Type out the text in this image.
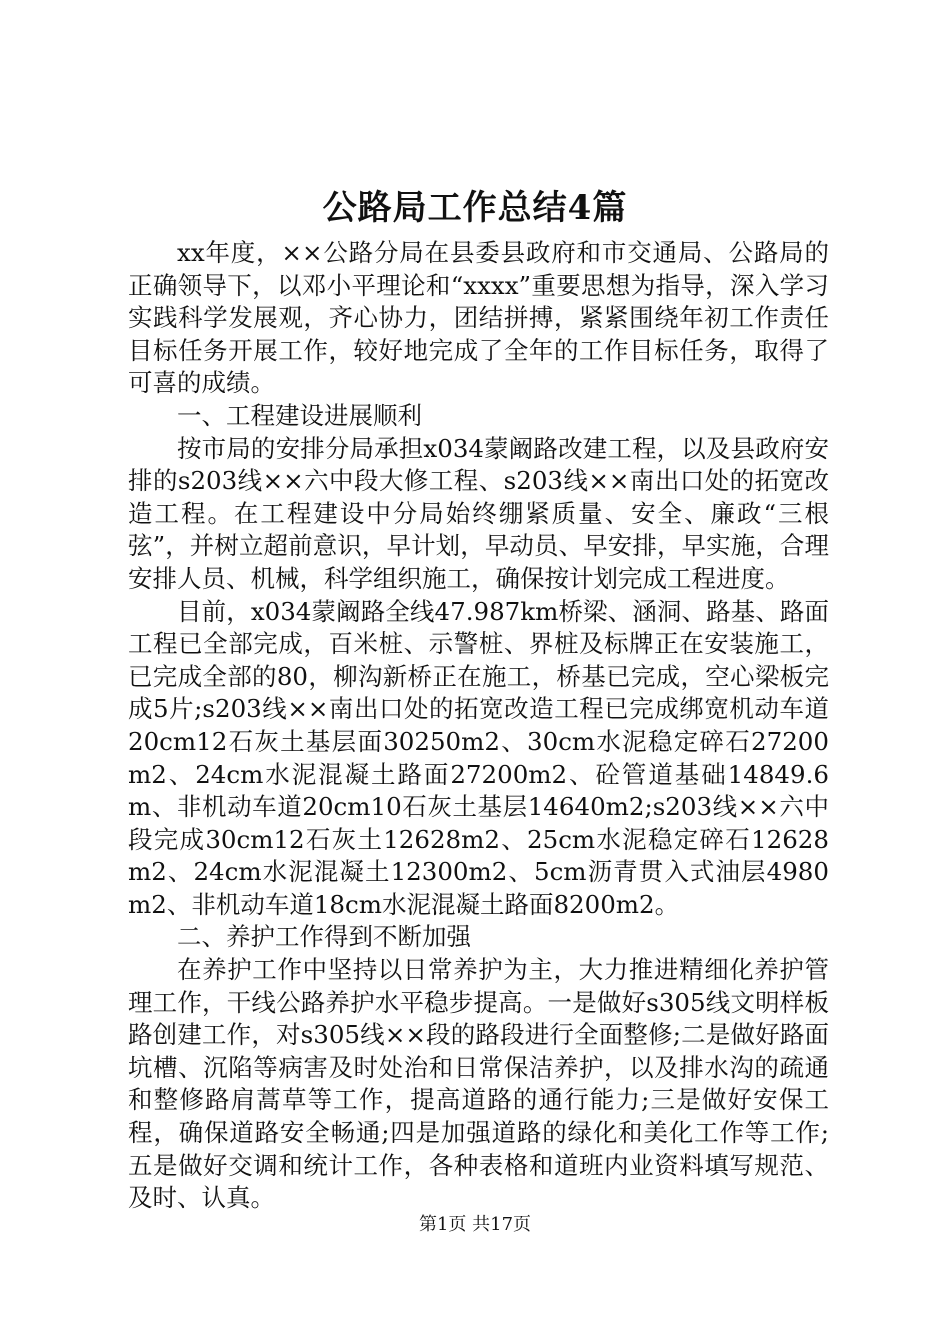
公路局工作总结4篇

xx年度，××公路分局在县委县政府和市交通局、公路局的正确领导下，以邓小平理论和“xxxx”重要思想为指导，深入学习实践科学发展观，齐心协力，团结拼搏，紧紧围绕年初工作责任目标任务开展工作，较好地完成了全年的工作目标任务，取得了可喜的成绩。

一、工程建设进展顺利

按市局的安排分局承担x034蒙阚路改建工程，以及县政府安排的s203线××六中段大修工程、s203线××南出口处的拓宽改造工程。在工程建设中分局始终绷紧质量、安全、廉政“三根弦”，并树立超前意识，早计划，早动员、早安排，早实施，合理安排人员、机械，科学组织施工，确保按计划完成工程进度。

目前，x034蒙阚路全线47.987km桥梁、涵洞、路基、路面工程已全部完成，百米桩、示警桩、界桩及标牌正在安装施工，已完成全部的80，柳沟新桥正在施工，桥基已完成，空心梁板完成5片;s203线××南出口处的拓宽改造工程已完成绑宽机动车道20cm12石灰土基层面30250m2、30cm水泥稳定碎石27200m2、24cm水泥混凝土路面27200m2、砼管道基础14849.6m、非机动车道20cm10石灰土基层14640m2;s203线××六中段完成30cm12石灰土12628m2、25cm水泥稳定碎石12628m2、24cm水泥混凝土12300m2、5cm沥青贯入式油层4980m2、非机动车道18cm水泥混凝土路面8200m2。

二、养护工作得到不断加强

在养护工作中坚持以日常养护为主，大力推进精细化养护管理工作，干线公路养护水平稳步提高。一是做好s305线文明样板路创建工作，对s305线××段的路段进行全面整修;二是做好路面坑槽、沉陷等病害及时处治和日常保洁养护，以及排水沟的疏通和整修路肩蒿草等工作，提高道路的通行能力;三是做好安保工程，确保道路安全畅通;四是加强道路的绿化和美化工作等工作;五是做好交调和统计工作，各种表格和道班内业资料填写规范、及时、认真。

第1页 共17页
